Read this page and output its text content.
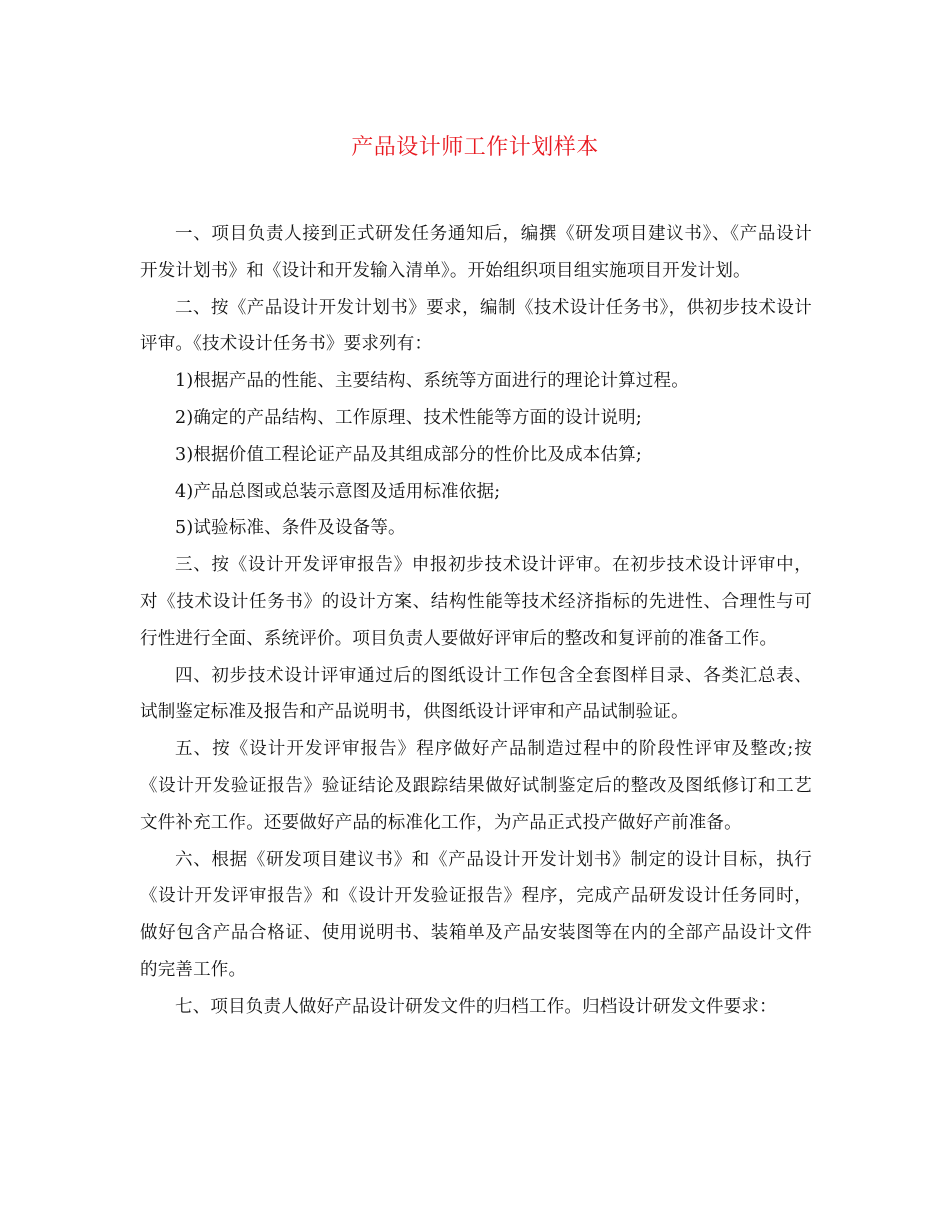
产品设计师工作计划样本

一、项目负责人接到正式研发任务通知后，编撰《研发项目建议书》、《产品设计开发计划书》和《设计和开发输入清单》。开始组织项目组实施项目开发计划。

二、按《产品设计开发计划书》要求，编制《技术设计任务书》，供初步技术设计评审。《技术设计任务书》要求列有：

1)根据产品的性能、主要结构、系统等方面进行的理论计算过程。

2)确定的产品结构、工作原理、技术性能等方面的设计说明;

3)根据价值工程论证产品及其组成部分的性价比及成本估算;

4)产品总图或总装示意图及适用标准依据;

5)试验标准、条件及设备等。

三、按《设计开发评审报告》申报初步技术设计评审。在初步技术设计评审中，对《技术设计任务书》的设计方案、结构性能等技术经济指标的先进性、合理性与可行性进行全面、系统评价。项目负责人要做好评审后的整改和复评前的准备工作。

四、初步技术设计评审通过后的图纸设计工作包含全套图样目录、各类汇总表、试制鉴定标准及报告和产品说明书，供图纸设计评审和产品试制验证。

五、按《设计开发评审报告》程序做好产品制造过程中的阶段性评审及整改;按《设计开发验证报告》验证结论及跟踪结果做好试制鉴定后的整改及图纸修订和工艺文件补充工作。还要做好产品的标准化工作，为产品正式投产做好产前准备。

六、根据《研发项目建议书》和《产品设计开发计划书》制定的设计目标，执行《设计开发评审报告》和《设计开发验证报告》程序，完成产品研发设计任务同时，做好包含产品合格证、使用说明书、装箱单及产品安装图等在内的全部产品设计文件的完善工作。

七、项目负责人做好产品设计研发文件的归档工作。归档设计研发文件要求：
